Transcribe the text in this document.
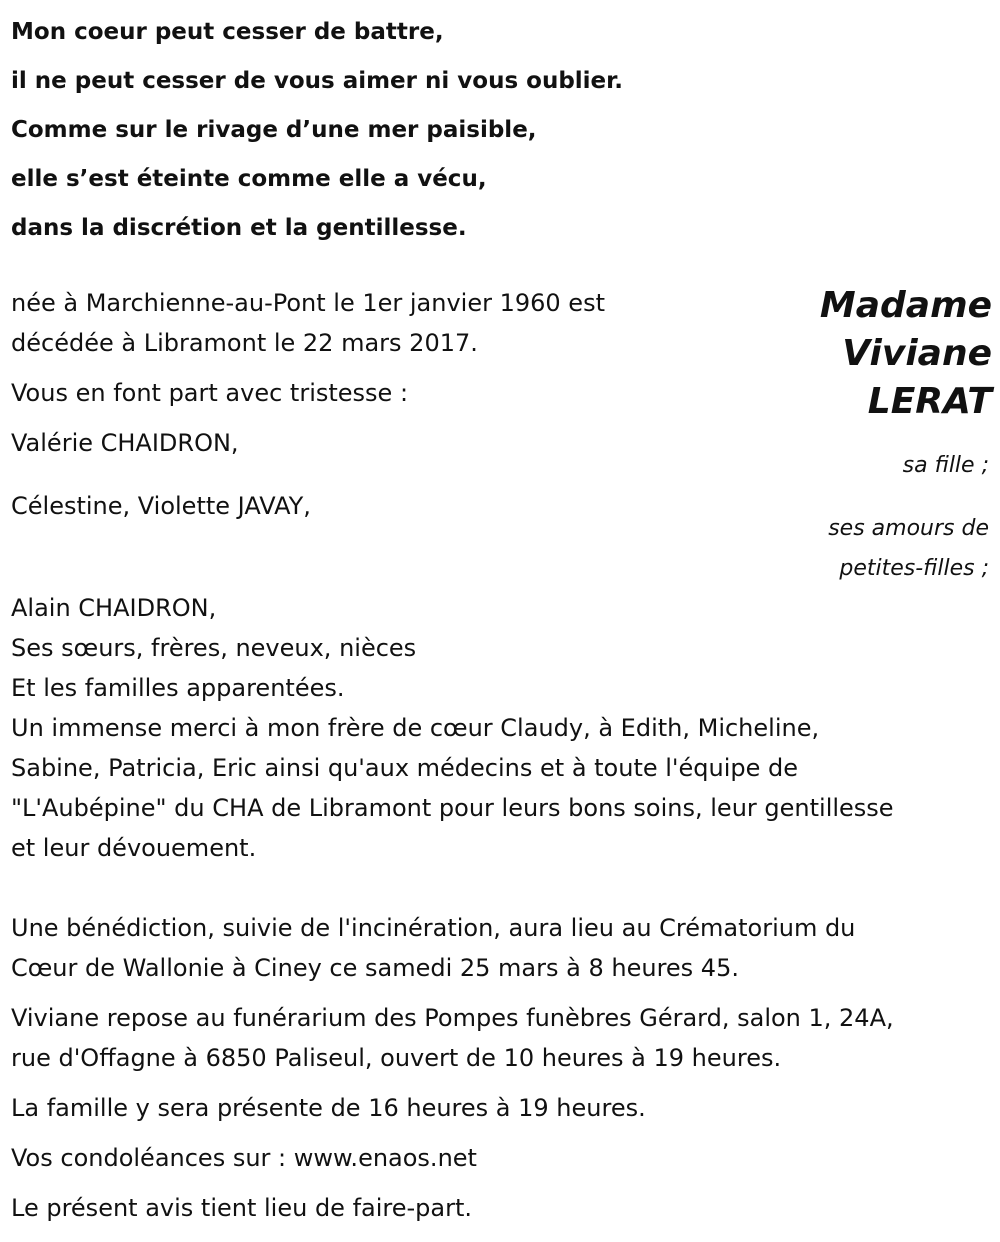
Mon coeur peut cesser de battre,
il ne peut cesser de vous aimer ni vous oublier.
Comme sur le rivage d’une mer paisible,
elle s’est éteinte comme elle a vécu,
dans la discrétion et la gentillesse.
Madame
Viviane
LERAT
née à Marchienne-au-Pont le 1er janvier 1960 est
décédée à Libramont le 22 mars 2017.
Vous en font part avec tristesse :
Valérie CHAIDRON,
sa fille ;
Célestine, Violette JAVAY,
ses amours de
petites-filles ;
Alain CHAIDRON,
Ses sœurs, frères, neveux, nièces
Et les familles apparentées.
Un immense merci à mon frère de cœur Claudy, à Edith, Micheline,
Sabine, Patricia, Eric ainsi qu'aux médecins et à toute l'équipe de
"L'Aubépine" du CHA de Libramont pour leurs bons soins, leur gentillesse
et leur dévouement.
Une bénédiction, suivie de l'incinération, aura lieu au Crématorium du
Cœur de Wallonie à Ciney ce samedi 25 mars à 8 heures 45.
Viviane repose au funérarium des Pompes funèbres Gérard, salon 1, 24A,
rue d'Offagne à 6850 Paliseul, ouvert de 10 heures à 19 heures.
La famille y sera présente de 16 heures à 19 heures.
Vos condoléances sur : www.enaos.net
Le présent avis tient lieu de faire-part.
